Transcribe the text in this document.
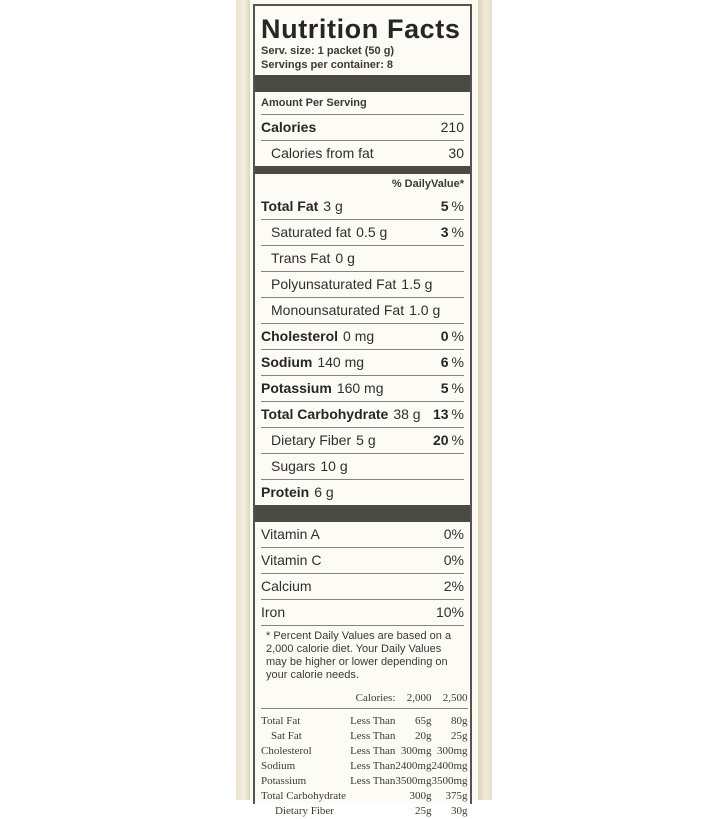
Nutrition Facts
Serv. size: 1 packet (50 g)
Servings per container: 8
Amount Per Serving
Calories	210
Calories from fat	30
% DailyValue*
Total Fat 3 g	5 %
Saturated fat 0.5 g	3 %
Trans Fat 0 g
Polyunsaturated Fat 1.5 g
Monounsaturated Fat 1.0 g
Cholesterol 0 mg	0 %
Sodium 140 mg	6 %
Potassium 160 mg	5 %
Total Carbohydrate 38 g 13 %
Dietary Fiber 5 g	20 %
Sugars 10 g
Protein 6 g
Vitamin A	0%
Vitamin C	0%
Calcium	2%
Iron	10%
* Percent Daily Values are based on a 2,000 calorie diet. Your Daily Values may be higher or lower depending on your calorie needs.
	Calories:	2,000	2,500

Total Fat	Less Than		65g	80g
Sat Fat	Less Than		20g	25g
Cholesterol	Less Than		300mg	300mg
Sodium	Less Than		2400mg	2400mg
Potassium	Less Than		3500mg	3500mg
Total Carbohydrate			300g	375g
Dietary Fiber			25g	30g
